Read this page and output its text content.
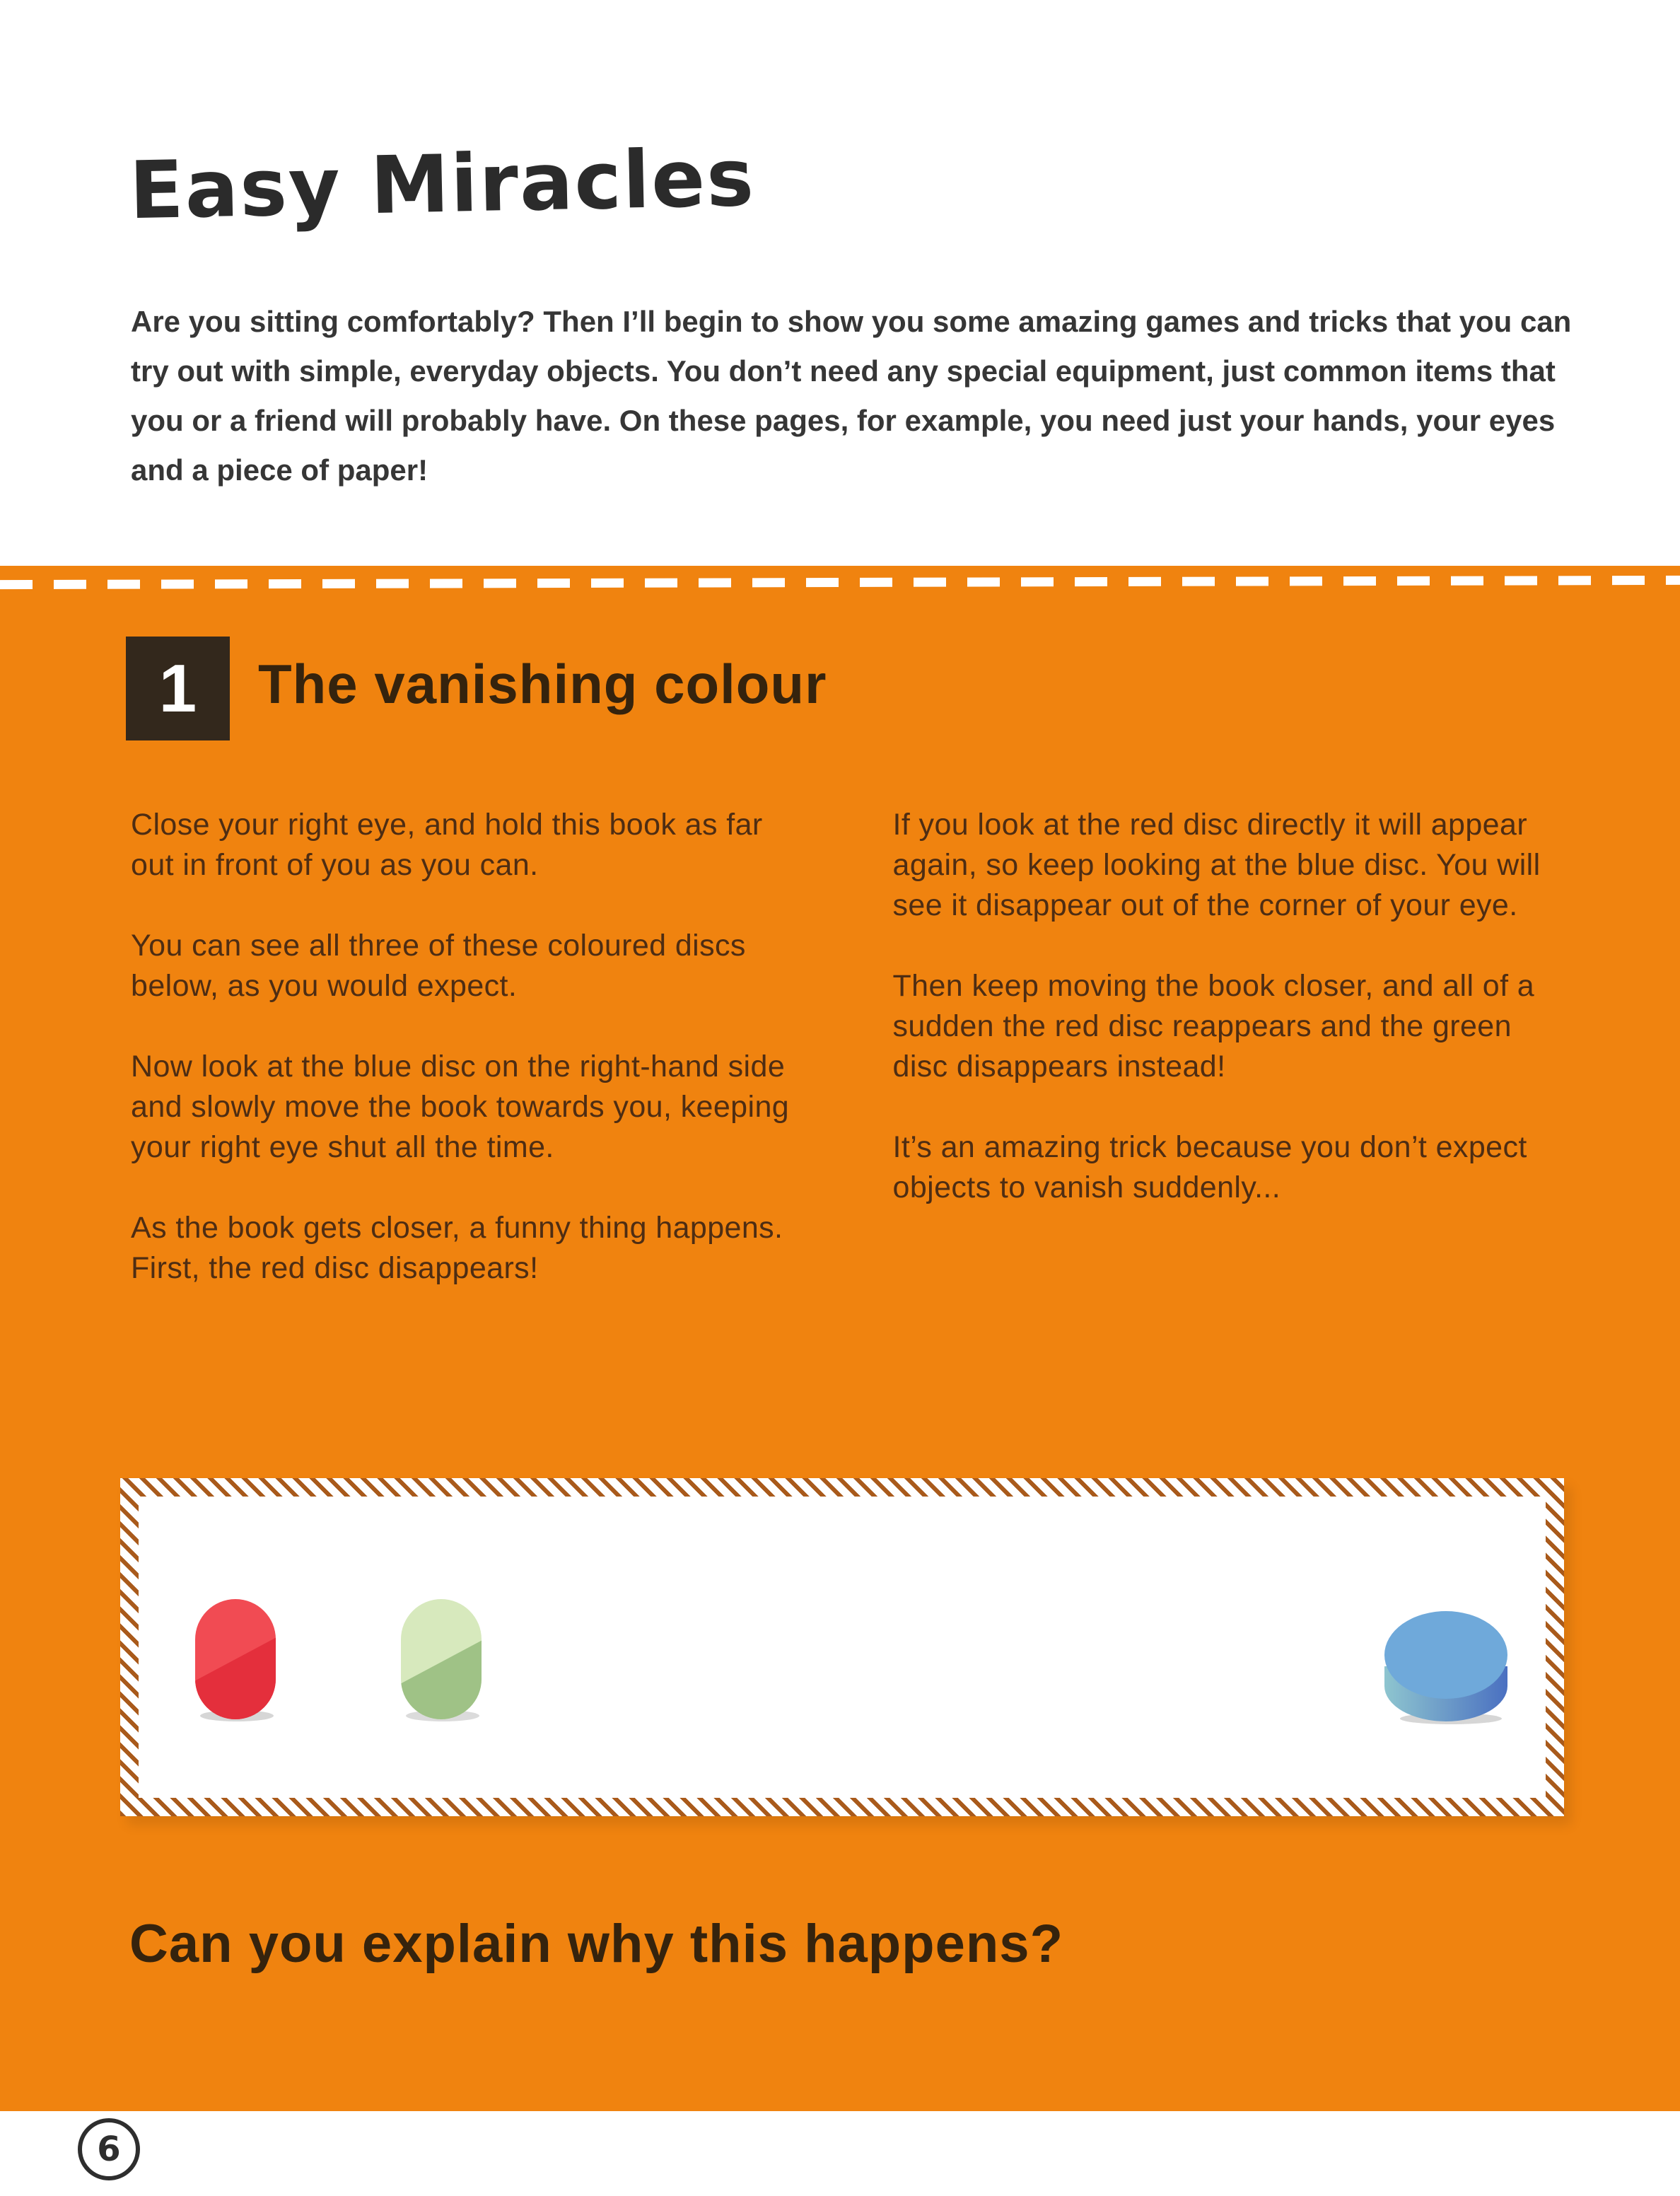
Easy Miracles
Are you sitting comfortably? Then I’ll begin to show you some amazing games and tricks that you can try out with simple, everyday objects. You don’t need any special equipment, just common items that you or a friend will probably have. On these pages, for example, you need just your hands, your eyes and a piece of paper!
1 The vanishing colour

Close your right eye, and hold this book as far out in front of you as you can.

You can see all three of these coloured discs below, as you would expect.

Now look at the blue disc on the right-hand side and slowly move the book towards you, keeping your right eye shut all the time.

As the book gets closer, a funny thing happens. First, the red disc disappears!

If you look at the red disc directly it will appear again, so keep looking at the blue disc. You will see it disappear out of the corner of your eye.

Then keep moving the book closer, and all of a sudden the red disc reappears and the green disc disappears instead!

It’s an amazing trick because you don’t expect objects to vanish suddenly...

Can you explain why this happens?
6
